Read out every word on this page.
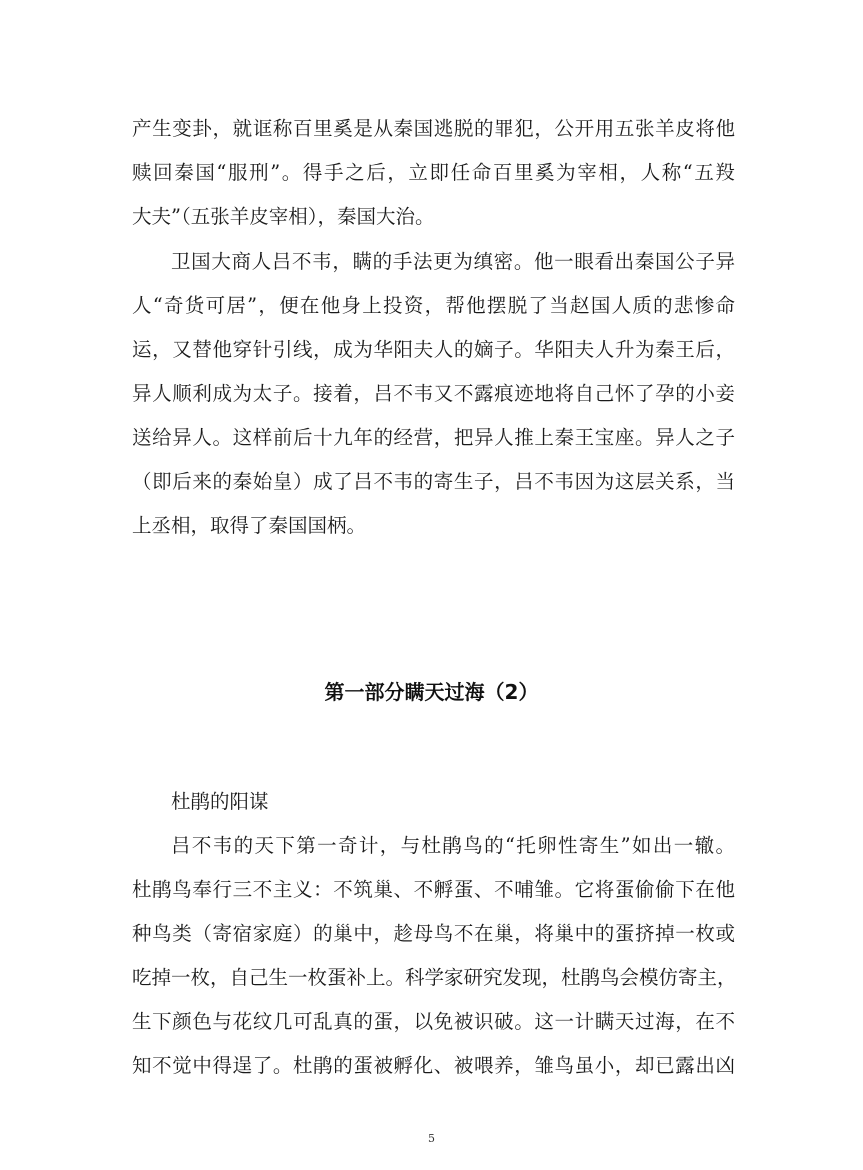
产生变卦，就诓称百里奚是从秦国逃脱的罪犯，公开用五张羊皮将他
赎回秦国“服刑”。得手之后，立即任命百里奚为宰相，人称“五羖
大夫”（五张羊皮宰相），秦国大治。
卫国大商人吕不韦，瞒的手法更为缜密。他一眼看出秦国公子异
人“奇货可居”，便在他身上投资，帮他摆脱了当赵国人质的悲惨命
运，又替他穿针引线，成为华阳夫人的嫡子。华阳夫人升为秦王后，
异人顺利成为太子。接着，吕不韦又不露痕迹地将自己怀了孕的小妾
送给异人。这样前后十九年的经营，把异人推上秦王宝座。异人之子
（即后来的秦始皇）成了吕不韦的寄生子，吕不韦因为这层关系，当
上丞相，取得了秦国国柄。
第一部分瞒天过海（2）
杜鹃的阳谋
吕不韦的天下第一奇计，与杜鹃鸟的“托卵性寄生”如出一辙。
杜鹃鸟奉行三不主义：不筑巢、不孵蛋、不哺雏。它将蛋偷偷下在他
种鸟类（寄宿家庭）的巢中，趁母鸟不在巢，将巢中的蛋挤掉一枚或
吃掉一枚，自己生一枚蛋补上。科学家研究发现，杜鹃鸟会模仿寄主，
生下颜色与花纹几可乱真的蛋，以免被识破。这一计瞒天过海，在不
知不觉中得逞了。杜鹃的蛋被孵化、被喂养，雏鸟虽小，却已露出凶
5
